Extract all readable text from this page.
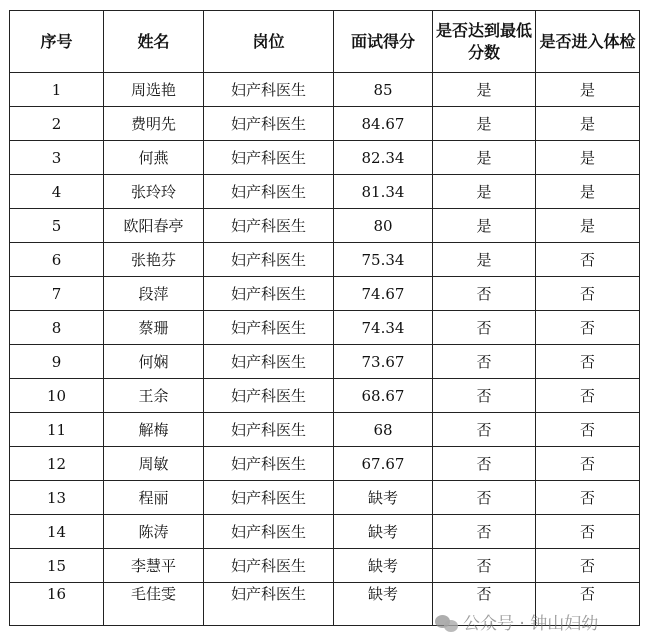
序号	姓名	岗位	面试得分	是否达到最低分数	是否进入体检
1	周选艳	妇产科医生	85	是	是
2	费明先	妇产科医生	84.67	是	是
3	何燕	妇产科医生	82.34	是	是
4	张玲玲	妇产科医生	81.34	是	是
5	欧阳春亭	妇产科医生	80	是	是
6	张艳芬	妇产科医生	75.34	是	否
7	段萍	妇产科医生	74.67	否	否
8	蔡珊	妇产科医生	74.34	否	否
9	何娴	妇产科医生	73.67	否	否
10	王余	妇产科医生	68.67	否	否
11	解梅	妇产科医生	68	否	否
12	周敏	妇产科医生	67.67	否	否
13	程丽	妇产科医生	缺考	否	否
14	陈涛	妇产科医生	缺考	否	否
15	李慧平	妇产科医生	缺考	否	否
16	毛佳雯	妇产科医生	缺考	否	否
公众号 · 钟山妇幼
